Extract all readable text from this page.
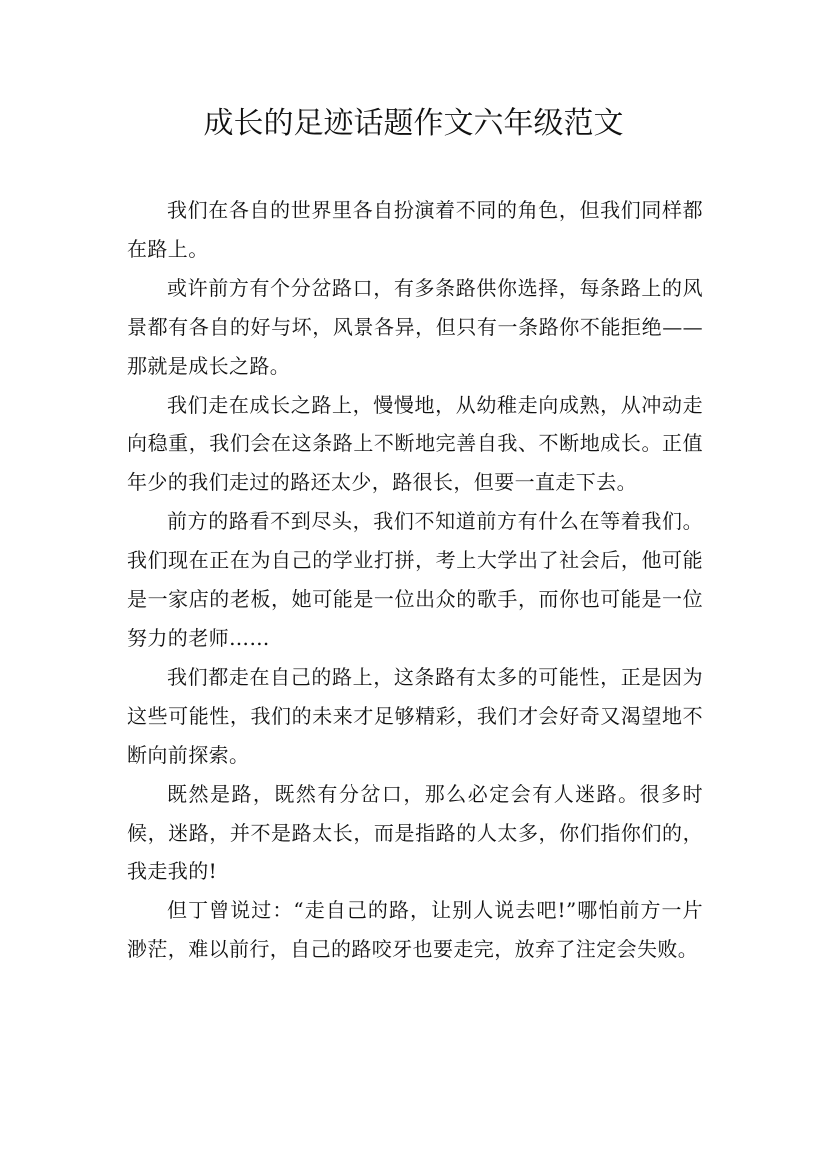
成长的足迹话题作文六年级范文

我们在各自的世界里各自扮演着不同的角色，但我们同样都在路上。

或许前方有个分岔路口，有多条路供你选择，每条路上的风景都有各自的好与坏，风景各异，但只有一条路你不能拒绝——那就是成长之路。

我们走在成长之路上，慢慢地，从幼稚走向成熟，从冲动走向稳重，我们会在这条路上不断地完善自我、不断地成长。正值年少的我们走过的路还太少，路很长，但要一直走下去。

前方的路看不到尽头，我们不知道前方有什么在等着我们。我们现在正在为自己的学业打拼，考上大学出了社会后，他可能是一家店的老板，她可能是一位出众的歌手，而你也可能是一位努力的老师……

我们都走在自己的路上，这条路有太多的可能性，正是因为这些可能性，我们的未来才足够精彩，我们才会好奇又渴望地不断向前探索。

既然是路，既然有分岔口，那么必定会有人迷路。很多时候，迷路，并不是路太长，而是指路的人太多，你们指你们的，我走我的!

但丁曾说过：“走自己的路，让别人说去吧!”哪怕前方一片渺茫，难以前行，自己的路咬牙也要走完，放弃了注定会失败。
